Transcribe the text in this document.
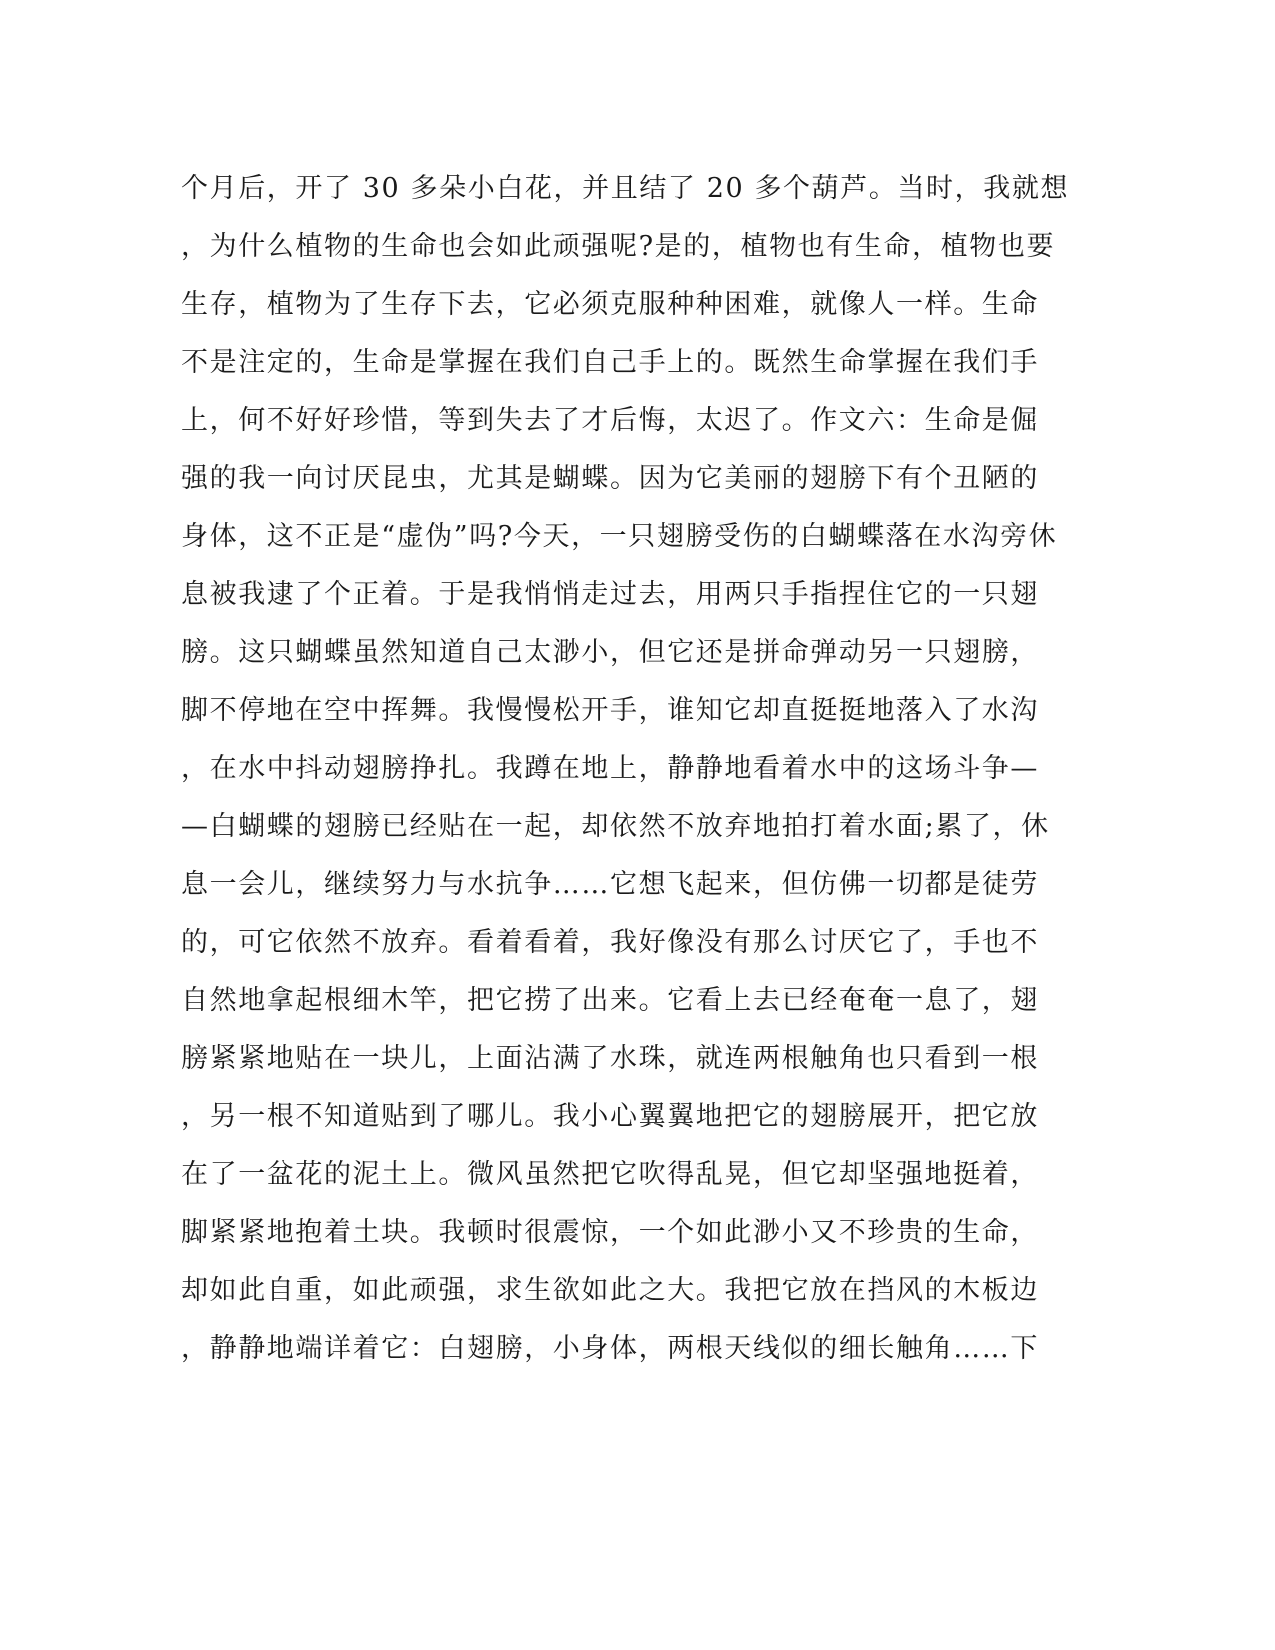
个月后，开了 30 多朵小白花，并且结了 20 多个葫芦。当时，我就想
，为什么植物的生命也会如此顽强呢?是的，植物也有生命，植物也要
生存，植物为了生存下去，它必须克服种种困难，就像人一样。生命
不是注定的，生命是掌握在我们自己手上的。既然生命掌握在我们手
上，何不好好珍惜，等到失去了才后悔，太迟了。作文六：生命是倔
强的我一向讨厌昆虫，尤其是蝴蝶。因为它美丽的翅膀下有个丑陋的
身体，这不正是“虚伪”吗?今天，一只翅膀受伤的白蝴蝶落在水沟旁休
息被我逮了个正着。于是我悄悄走过去，用两只手指捏住它的一只翅
膀。这只蝴蝶虽然知道自己太渺小，但它还是拼命弹动另一只翅膀，
脚不停地在空中挥舞。我慢慢松开手，谁知它却直挺挺地落入了水沟
，在水中抖动翅膀挣扎。我蹲在地上，静静地看着水中的这场斗争—
—白蝴蝶的翅膀已经贴在一起，却依然不放弃地拍打着水面;累了，休
息一会儿，继续努力与水抗争……它想飞起来，但仿佛一切都是徒劳
的，可它依然不放弃。看着看着，我好像没有那么讨厌它了，手也不
自然地拿起根细木竿，把它捞了出来。它看上去已经奄奄一息了，翅
膀紧紧地贴在一块儿，上面沾满了水珠，就连两根触角也只看到一根
，另一根不知道贴到了哪儿。我小心翼翼地把它的翅膀展开，把它放
在了一盆花的泥土上。微风虽然把它吹得乱晃，但它却坚强地挺着，
脚紧紧地抱着土块。我顿时很震惊，一个如此渺小又不珍贵的生命，
却如此自重，如此顽强，求生欲如此之大。我把它放在挡风的木板边
，静静地端详着它：白翅膀，小身体，两根天线似的细长触角……下
